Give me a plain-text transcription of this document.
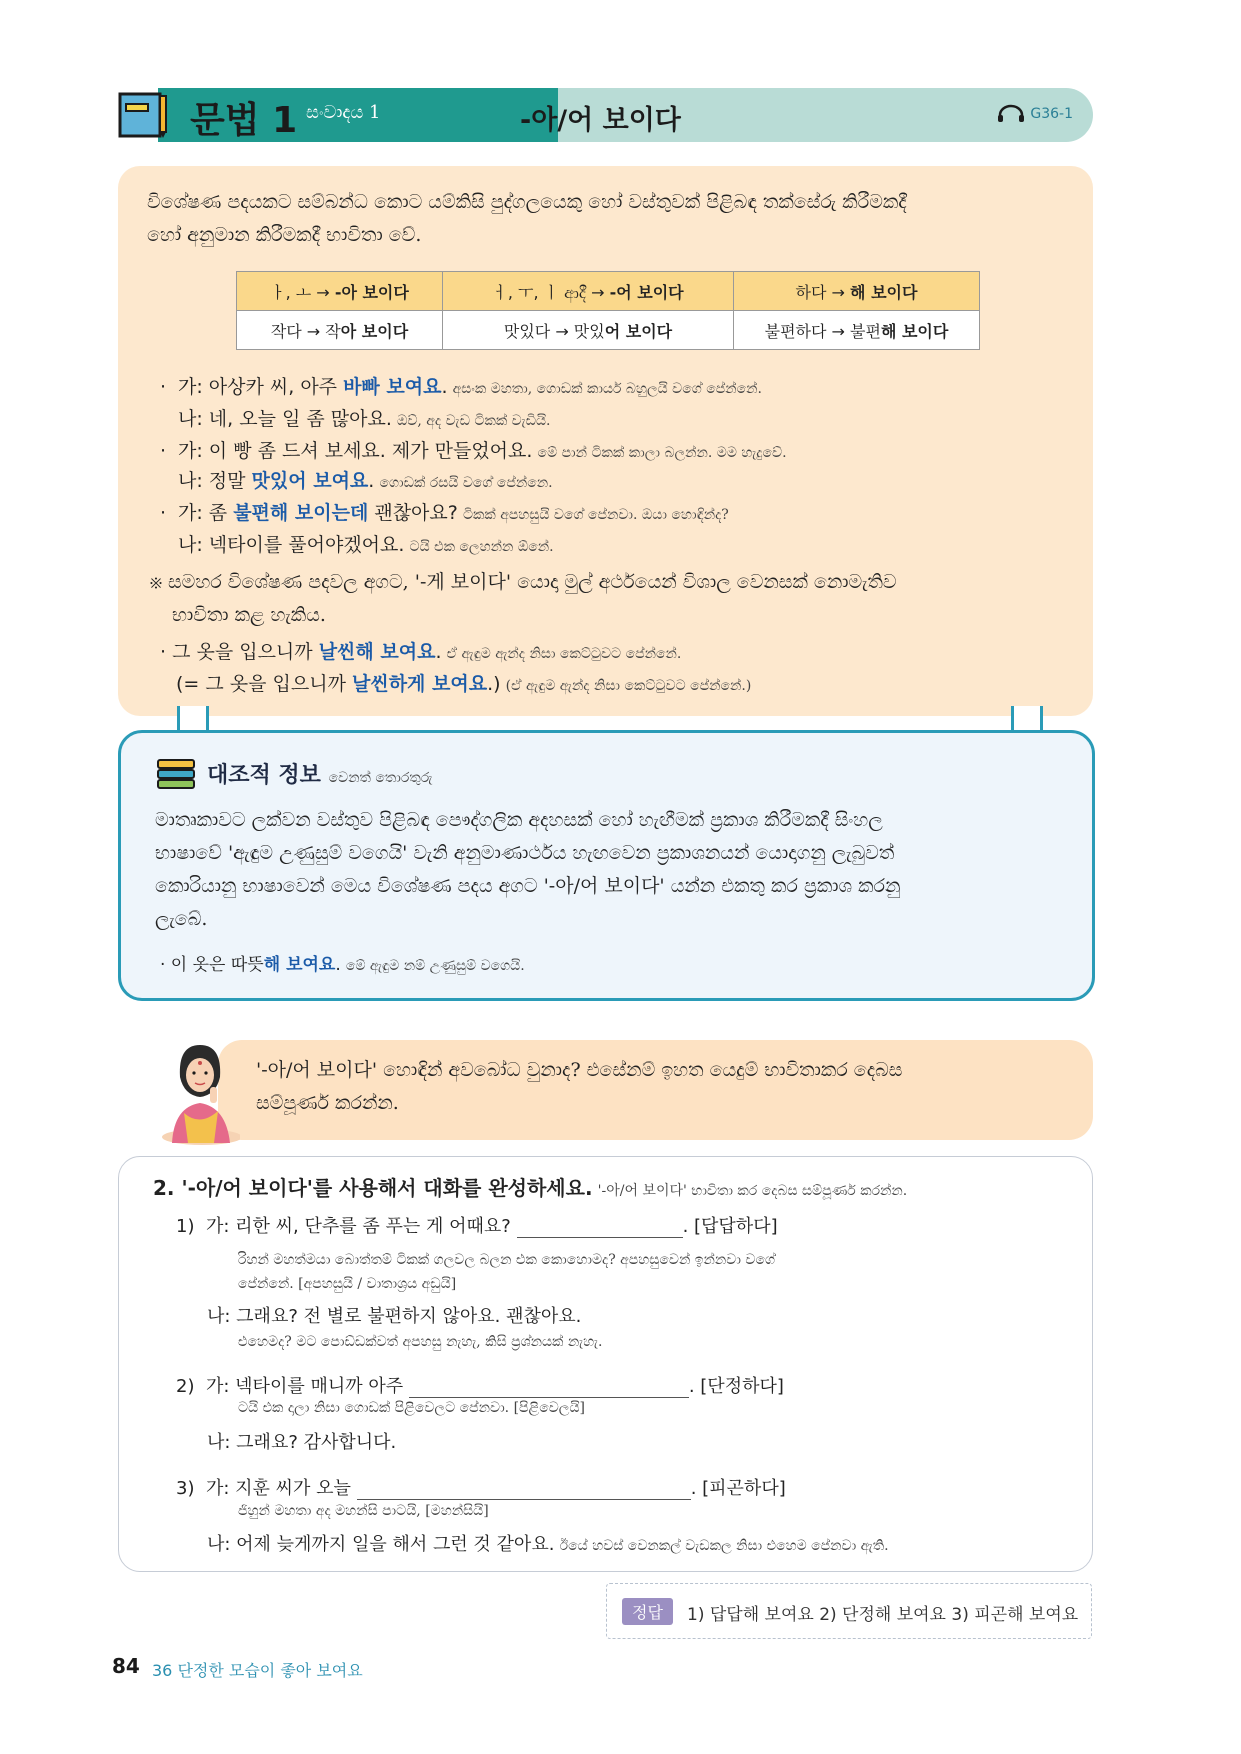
문법 1 සංවාදය 1	-아/어 보이다	G36-1
විශේෂණ පදයකට සම්බන්ධ කොට යම්කිසි පුද්ගලයෙකු හෝ වස්තුවක් පිළිබඳ තක්සේරු කිරීමකදී
හෝ අනුමාන කිරීමකදී භාවිතා වේ.
ㅏ, ㅗ → -아 보이다	ㅓ, ㅜ, ㅣ ආදී → -어 보이다	하다 → 해 보이다
작다 → 작아 보이다	맛있다 → 맛있어 보이다	불편하다 → 불편해 보이다
· 가: 아상카 씨, 아주 바빠 보여요. අසංක මහතා, ගොඩක් කාර්ය බහුලයි වගේ පේන්නේ.
나: 네, 오늘 일 좀 많아요. ඔව්, අද වැඩ ටිකක් වැඩියි.
· 가: 이 빵 좀 드셔 보세요. 제가 만들었어요. මේ පාන් ටිකක් කාලා බලන්න. මම හැදුවේ.
나: 정말 맛있어 보여요. ගොඩක් රසයි වගේ පේන්නෙ.
· 가: 좀 불편해 보이는데 괜찮아요? ටිකක් අපහසුයි වගේ පේනවා. ඔයා හොඳින්ද?
나: 넥타이를 풀어야겠어요. ටයි එක ලෙහන්න ඕනේ.
※ සමහර විශේෂණ පදවල අගට, '-게 보이다' යොදා මුල් අර්ථයෙන් විශාල වෙනසක් නොමැතිව
භාවිතා කළ හැකිය.
· 그 옷을 입으니까 날씬해 보여요. ඒ ඇඳුම ඇන්ද නිසා කෙට්ටුවට පේන්නේ.
(= 그 옷을 입으니까 날씬하게 보여요.) (ඒ ඇඳුම ඇන්ද නිසා කෙට්ටුවට පේන්නේ.)
대조적 정보 වෙනත් තොරතුරු
මාතෘකාවට ලක්වන වස්තුව පිළිබඳ පෞද්ගලික අදහසක් හෝ හැඟීමක් ප්‍රකාශ කිරීමකදී සිංහල
භාෂාවේ 'ඇඳුම උණුසුම් වගෙයි' වැනි අනුමාණාර්ථය හැඟවෙන ප්‍රකාශනයන් යොදාගනු ලැබුවත්
කොරියානු භාෂාවෙන් මෙය විශේෂණ පදය අගට '-아/어 보이다' යන්න එකතු කර ප්‍රකාශ කරනු
ලැබේ.
· 이 옷은 따뜻해 보여요. මේ ඇඳුම නම් උණුසුම් වගෙයි.
'-아/어 보이다' හොඳින් අවබෝධ වුනාද? එසේනම් ඉහත යෙදුම් භාවිතාකර දෙබස
සම්පූර්ණ කරන්න.
2. '-아/어 보이다'를 사용해서 대화를 완성하세요. '-아/어 보이다' භාවිතා කර දෙබස සම්පූර්ණ කරන්න.
1) 가: 리한 씨, 단추를 좀 푸는 게 어때요?	. [답답하다]
රිහන් මහත්මයා බොත්තම් ටිකක් ගලවල බලන එක කොහොමද? අපහසුවෙන් ඉන්නවා වගේ
පේන්නේ. [අපහසුයි / වාතාශ්‍රය අඩුයි]
나: 그래요? 전 별로 불편하지 않아요. 괜찮아요.
එහෙමද? මට පොඩ්ඩක්වත් අපහසු නැහැ, කිසි ප්‍රශ්නයක් නැහැ.
2) 가: 넥타이를 매니까 아주	. [단정하다]
ටයි එක දාලා නිසා ගොඩක් පිළිවෙලට පේනවා. [පිළිවෙලයි]
나: 그래요? 감사합니다.
3) 가: 지훈 씨가 오늘	. [피곤하다]
ජිහුන් මහතා අද මහන්සි පාටයි, [මහන්සියි]
나: 어제 늦게까지 일을 해서 그런 것 같아요. ඊයේ හවස් වෙනකල් වැඩකල නිසා එහෙම පේනවා ඇති.
정답	1) 답답해 보여요 2) 단정해 보여요 3) 피곤해 보여요
84 36 단정한 모습이 좋아 보여요
